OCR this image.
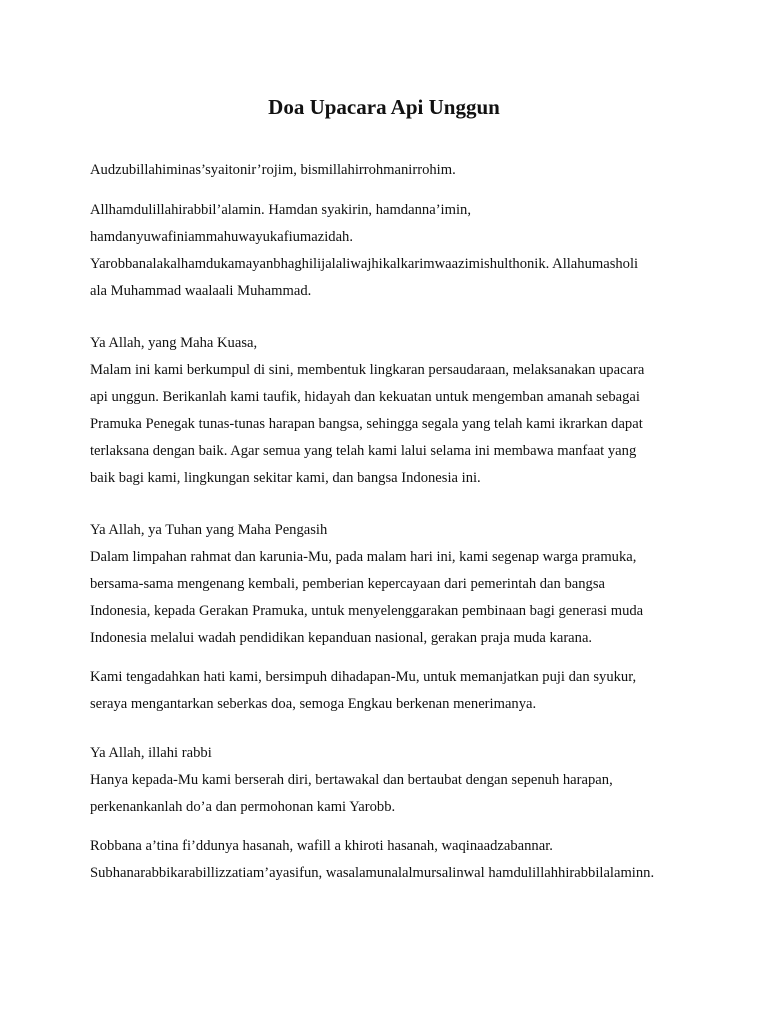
Doa Upacara Api Unggun

Audzubillahiminas’syaitonir’rojim, bismillahirrohmanirrohim.

Allhamdulillahirabbil’alamin. Hamdan syakirin, hamdanna’imin,
hamdanyuwafiniammahuwayukafiumazidah.
Yarobbanalakalhamdukamayanbhaghilijalaliwajhikalkarimwaazimishulthonik. Allahumasholi
ala Muhammad waalaali Muhammad.

Ya Allah, yang Maha Kuasa,
Malam ini kami berkumpul di sini, membentuk lingkaran persaudaraan, melaksanakan upacara
api unggun. Berikanlah kami taufik, hidayah dan kekuatan untuk mengemban amanah sebagai
Pramuka Penegak tunas-tunas harapan bangsa, sehingga segala yang telah kami ikrarkan dapat
terlaksana dengan baik. Agar semua yang telah kami lalui selama ini membawa manfaat yang
baik bagi kami, lingkungan sekitar kami, dan bangsa Indonesia ini.

Ya Allah, ya Tuhan yang Maha Pengasih
Dalam limpahan rahmat dan karunia-Mu, pada malam hari ini, kami segenap warga pramuka,
bersama-sama mengenang kembali, pemberian kepercayaan dari pemerintah dan bangsa
Indonesia, kepada Gerakan Pramuka, untuk menyelenggarakan pembinaan bagi generasi muda
Indonesia melalui wadah pendidikan kepanduan nasional, gerakan praja muda karana.

Kami tengadahkan hati kami, bersimpuh dihadapan-Mu, untuk memanjatkan puji dan syukur,
seraya mengantarkan seberkas doa, semoga Engkau berkenan menerimanya.

Ya Allah, illahi rabbi
Hanya kepada-Mu kami berserah diri, bertawakal dan bertaubat dengan sepenuh harapan,
perkenankanlah do’a dan permohonan kami Yarobb.

Robbana a’tina fi’ddunya hasanah, wafill a khiroti hasanah, waqinaadzabannar.
Subhanarabbikarabillizzatiam’ayasifun, wasalamunalalmursalinwal hamdulillahhirabbilalaminn.
